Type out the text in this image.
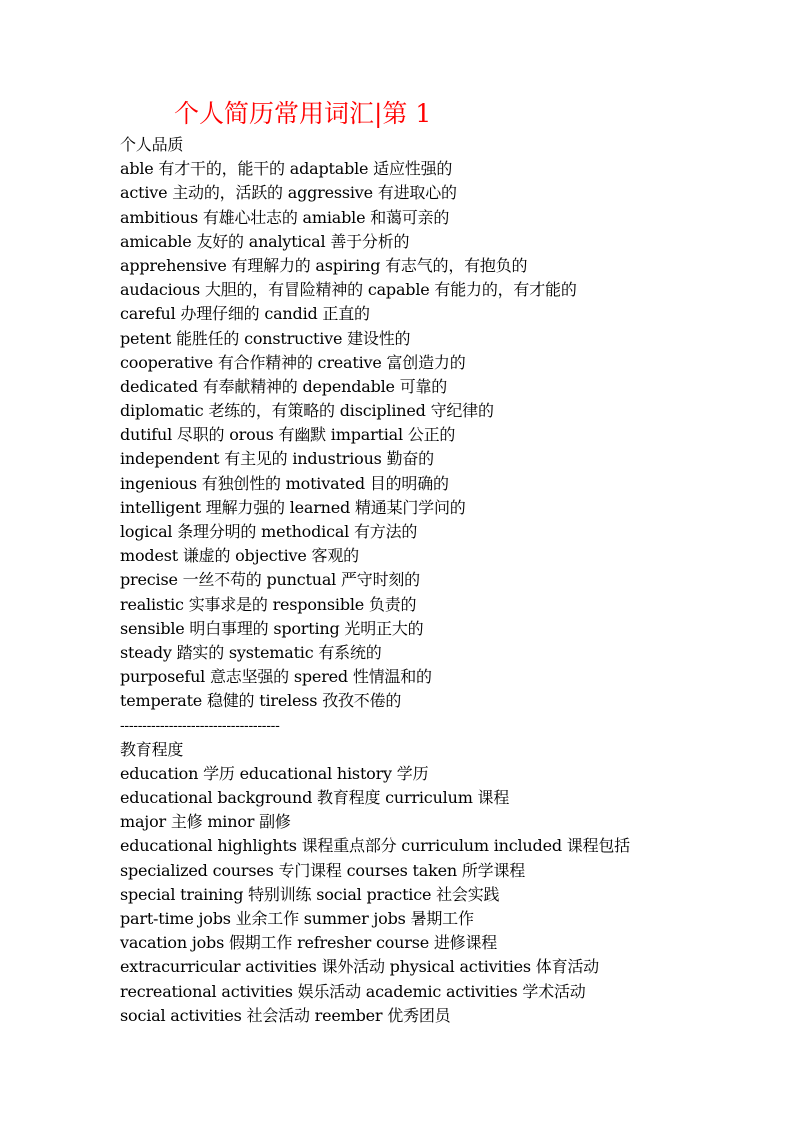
个人简历常用词汇|第 1
个人品质
able 有才干的，能干的 adaptable 适应性强的
active 主动的，活跃的 aggressive 有进取心的
ambitious 有雄心壮志的 amiable 和蔼可亲的
amicable 友好的 analytical 善于分析的
apprehensive 有理解力的 aspiring 有志气的，有抱负的
audacious 大胆的，有冒险精神的 capable 有能力的，有才能的
careful 办理仔细的 candid 正直的
petent 能胜任的 constructive 建设性的
cooperative 有合作精神的 creative 富创造力的
dedicated 有奉献精神的 dependable 可靠的
diplomatic 老练的，有策略的 disciplined 守纪律的
dutiful 尽职的 orous 有幽默 impartial 公正的
independent 有主见的 industrious 勤奋的
ingenious 有独创性的 motivated 目的明确的
intelligent 理解力强的 learned 精通某门学问的
logical 条理分明的 methodical 有方法的
modest 谦虚的 objective 客观的
precise 一丝不苟的 punctual 严守时刻的
realistic 实事求是的 responsible 负责的
sensible 明白事理的 sporting 光明正大的
steady 踏实的 systematic 有系统的
purposeful 意志坚强的 spered 性情温和的
temperate 稳健的 tireless 孜孜不倦的
------------------------------------
教育程度
education 学历 educational history 学历
educational background 教育程度 curriculum 课程
major 主修 minor 副修
educational highlights 课程重点部分 curriculum included 课程包括
specialized courses 专门课程 courses taken 所学课程
special training 特别训练 social practice 社会实践
part-time jobs 业余工作 summer jobs 暑期工作
vacation jobs 假期工作 refresher course 进修课程
extracurricular activities 课外活动 physical activities 体育活动
recreational activities 娱乐活动 academic activities 学术活动
social activities 社会活动 reember 优秀团员
